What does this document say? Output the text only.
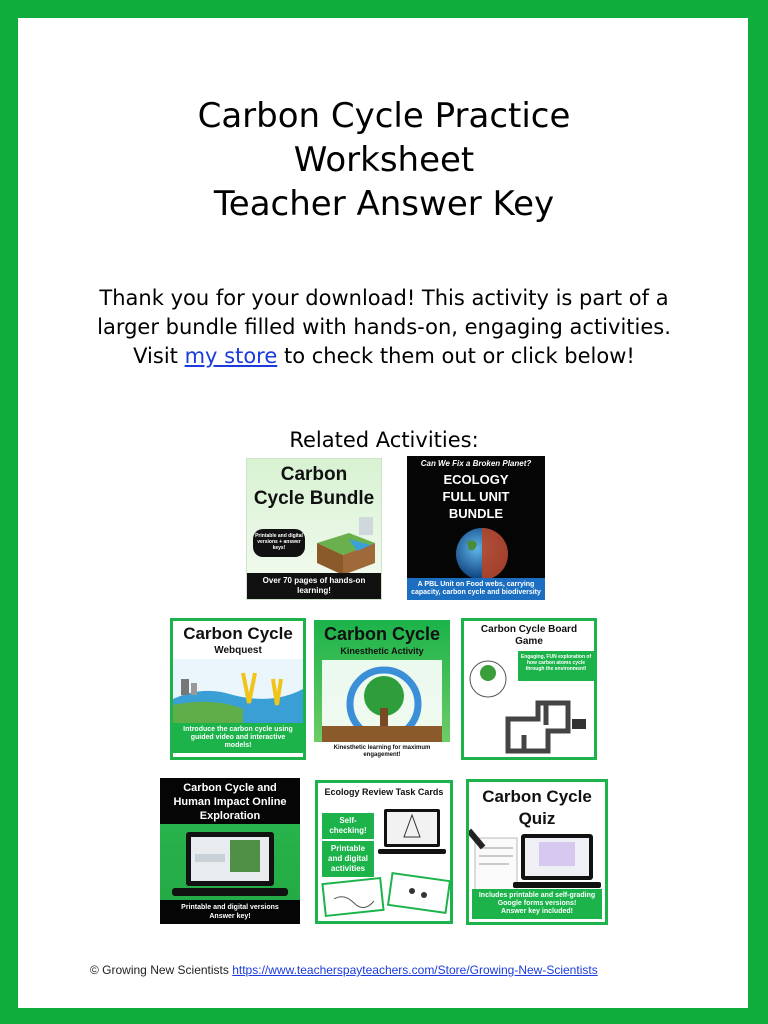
Carbon Cycle Practice
Worksheet
Teacher Answer Key

Thank you for your download! This activity is part of a larger bundle filled with hands-on, engaging activities. Visit my store to check them out or click below!

Related Activities:
Carbon
Cycle Bundle
Printable and digital versions + answer keys!
Over 70 pages of hands-on learning!
Can We Fix a Broken Planet?
ECOLOGY
FULL UNIT
BUNDLE
A PBL Unit on Food webs, carrying capacity, carbon cycle and biodiversity
Carbon Cycle
Webquest
Introduce the carbon cycle using guided video and interactive models!
Carbon Cycle
Kinesthetic Activity
Kinesthetic learning for maximum engagement!
Carbon Cycle Board
Game
Engaging, FUN exploration of how carbon atoms cycle through the environment!
Carbon Cycle and
Human Impact Online
Exploration
Printable and digital versions
Answer key!
Ecology Review Task Cards
Self-checking!
Printable and digital activities
Carbon Cycle
Quiz
Includes printable and self-grading
Google forms versions!
Answer key included!
© Growing New Scientists https://www.teacherspayteachers.com/Store/Growing-New-Scientists
